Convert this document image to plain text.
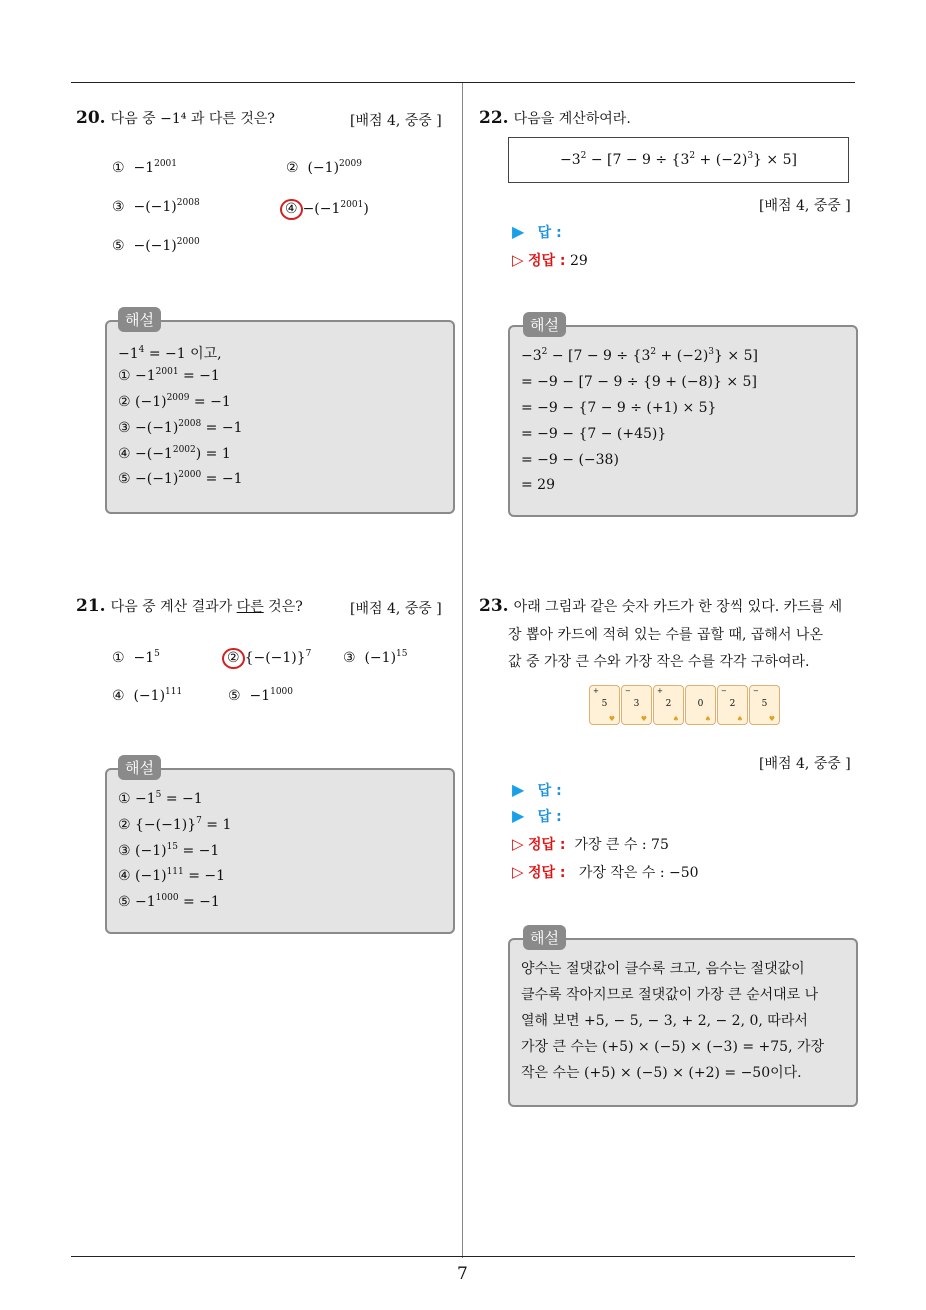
7
20. 다음 중 −1⁴ 과 다른 것은?	[배점 4, 중중 ]
① $-1^{2001}$	② $(-1)^{2009}$
③ $-(-1)^{2008}$	④ $-(-1^{2001})$
⑤ $-(-1)^{2000}$
해설
$-1^4 = -1$ 이고,
① $-1^{2001} = -1$
② $(-1)^{2009} = -1$
③ $-(-1)^{2008} = -1$
④ $-(-1^{2002}) = 1$
⑤ $-(-1)^{2000} = -1$
21. 다음 중 계산 결과가 다른 것은?	[배점 4, 중중 ]
① $-1^5$	② $\{-(-1)\}^7$ ③ $(-1)^{15}$
④ $(-1)^{111}$	⑤ $-1^{1000}$
해설
① $-1^5 = -1$
② $\{-(-1)\}^7 = 1$
③ $(-1)^{15} = -1$
④ $(-1)^{111} = -1$
⑤ $-1^{1000} = -1$
22. 다음을 계산하여라.
$-3^2 - [7 - 9 \div \{3^2 + (-2)^3\} \times 5]$
[배점 4, 중중 ]
▶ 답 :
▷ 정답 : 29
해설
$-3^2 - [7 - 9 \div \{3^2 + (-2)^3\} \times 5]$
= −9 − [7 − 9 ÷ {9 + (−8)} × 5]
= −9 − {7 − 9 ÷ (+1) × 5}
= −9 − {7 − (+45)}
= −9 − (−38)
= 29
23. 아래 그림과 같은 숫자 카드가 한 장씩 있다. 카드를 세
장 뽑아 카드에 적혀 있는 수를 곱할 때, 곱해서 나온
값 중 가장 큰 수와 가장 작은 수를 각각 구하여라.
+
5
♥
−
3
♥
+
2
♠
0
♠
−
2
♠
−
5
♥
[배점 4, 중중 ]
▶ 답 :
▶ 답 :
▷ 정답 : 가장 큰 수 : 75
▷ 정답 : 가장 작은 수 : −50
해설
양수는 절댓값이 클수록 크고, 음수는 절댓값이
클수록 작아지므로 절댓값이 가장 큰 순서대로 나
열해 보면 +5, − 5, − 3, + 2, − 2, 0, 따라서
가장 큰 수는 (+5) × (−5) × (−3) = +75, 가장
작은 수는 (+5) × (−5) × (+2) = −50이다.
